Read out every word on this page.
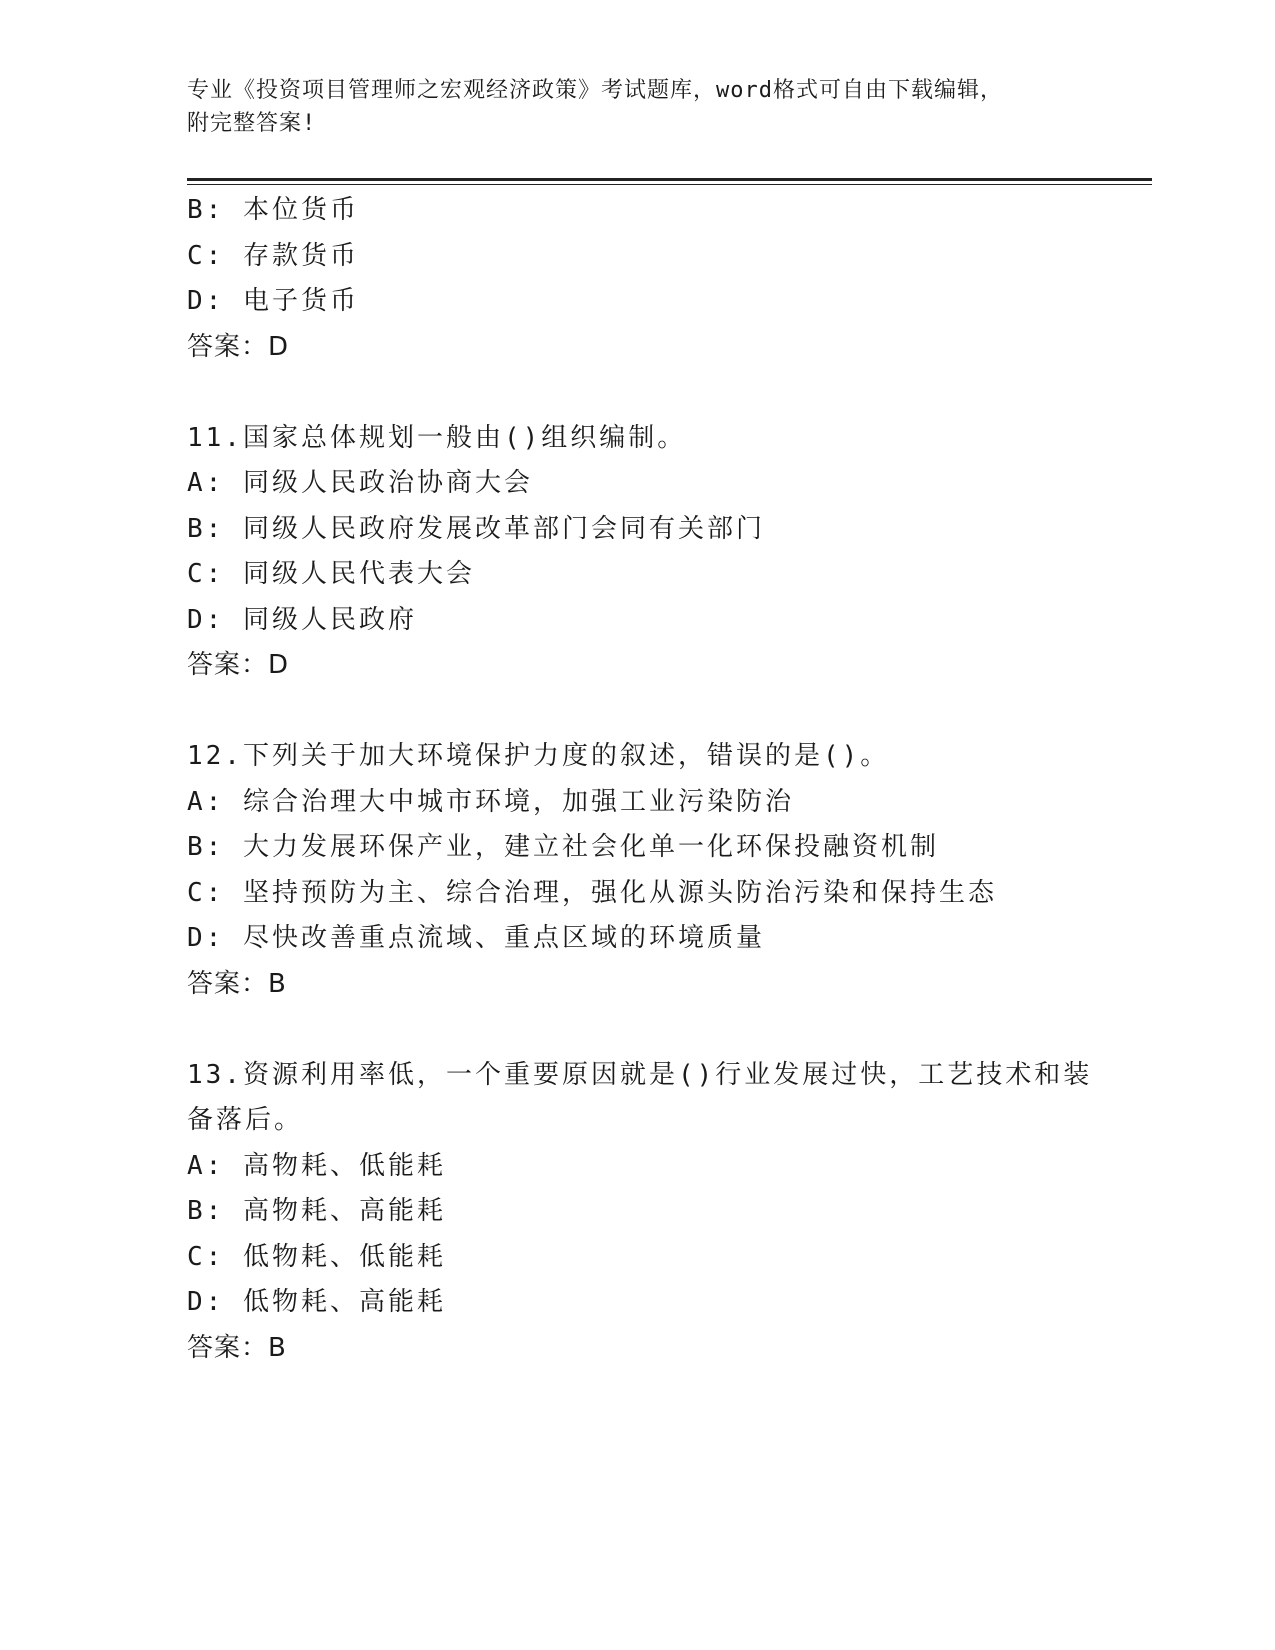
专业《投资项目管理师之宏观经济政策》考试题库，word格式可自由下载编辑，
附完整答案!
B: 本位货币
C: 存款货币
D: 电子货币
答案：D
11.国家总体规划一般由()组织编制。
A: 同级人民政治协商大会
B: 同级人民政府发展改革部门会同有关部门
C: 同级人民代表大会
D: 同级人民政府
答案：D
12.下列关于加大环境保护力度的叙述，错误的是()。
A: 综合治理大中城市环境，加强工业污染防治
B: 大力发展环保产业，建立社会化单一化环保投融资机制
C: 坚持预防为主、综合治理，强化从源头防治污染和保持生态
D: 尽快改善重点流域、重点区域的环境质量
答案：B
13.资源利用率低，一个重要原因就是()行业发展过快，工艺技术和装
备落后。
A: 高物耗、低能耗
B: 高物耗、高能耗
C: 低物耗、低能耗
D: 低物耗、高能耗
答案：B
